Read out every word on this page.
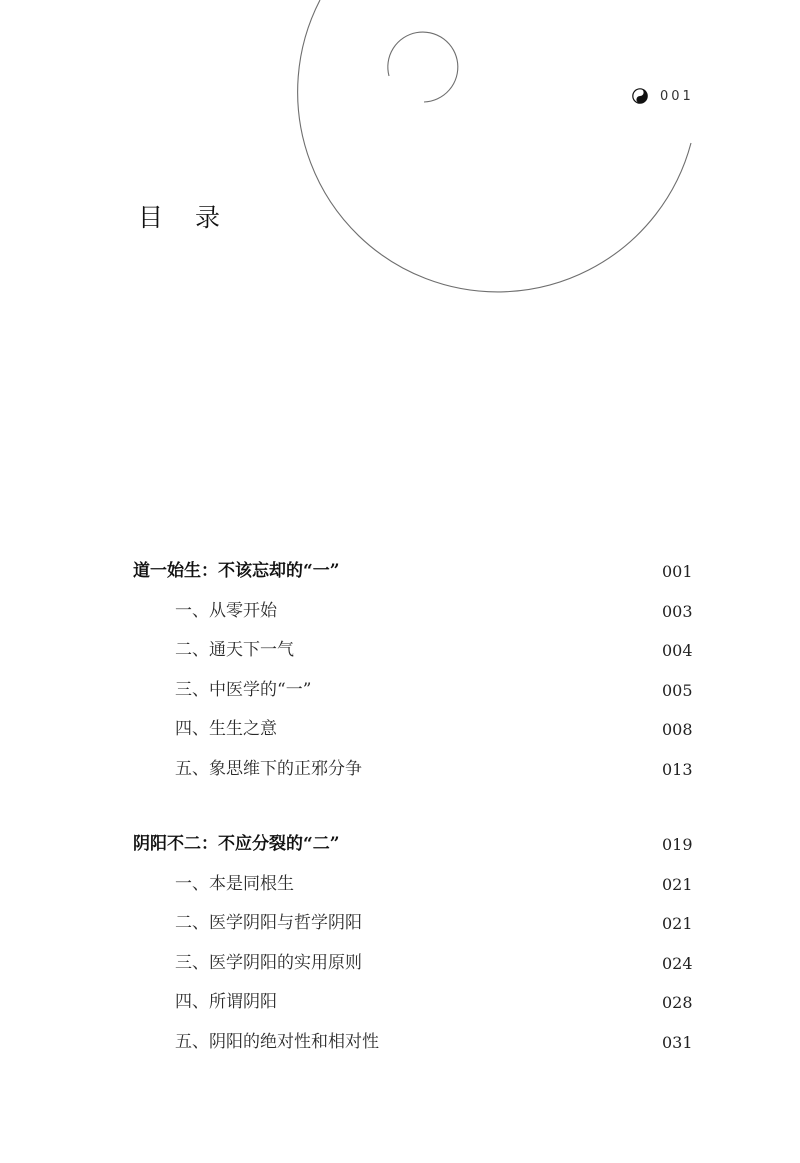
001
目 录
道一始生：不该忘却的“一”	001
一、从零开始	003
二、通天下一气	004
三、中医学的“一”	005
四、生生之意	008
五、象思维下的正邪分争	013
阴阳不二：不应分裂的“二”	019
一、本是同根生	021
二、医学阴阳与哲学阴阳	021
三、医学阴阳的实用原则	024
四、所谓阴阳	028
五、阴阳的绝对性和相对性	031
